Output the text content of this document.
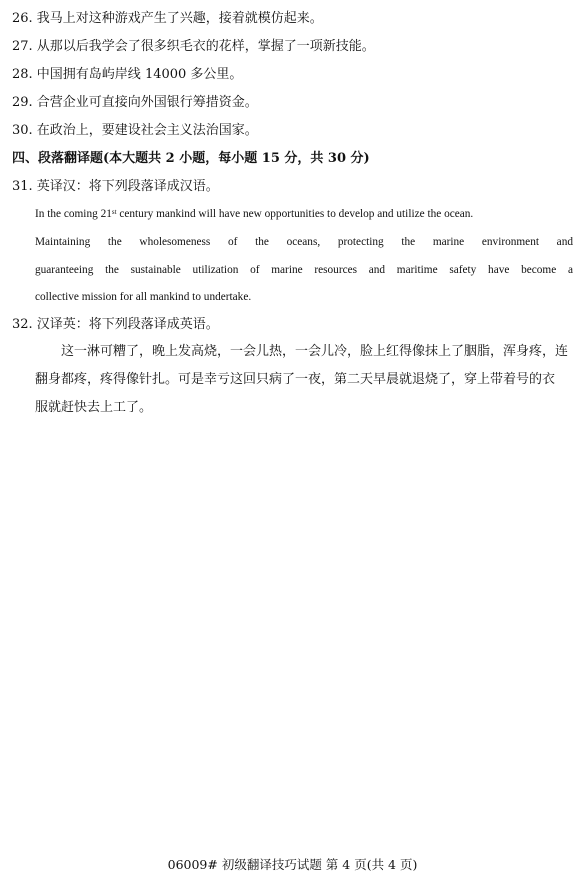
26. 我马上对这种游戏产生了兴趣，接着就模仿起来。
27. 从那以后我学会了很多织毛衣的花样，掌握了一项新技能。
28. 中国拥有岛屿岸线 14000 多公里。
29. 合营企业可直接向外国银行筹措资金。
30. 在政治上，要建设社会主义法治国家。
四、段落翻译题(本大题共 2 小题，每小题 15 分，共 30 分)
31. 英译汉：将下列段落译成汉语。
In the coming 21st century mankind will have new opportunities to develop and utilize the ocean.
Maintaining the wholesomeness of the oceans, protecting the marine environment and
guaranteeing the sustainable utilization of marine resources and maritime safety have become a
collective mission for all mankind to undertake.
32. 汉译英：将下列段落译成英语。
　　这一淋可糟了，晚上发高烧，一会儿热，一会儿冷，脸上红得像抹上了胭脂，浑身疼，连
翻身都疼，疼得像针扎。可是幸亏这回只病了一夜，第二天早晨就退烧了，穿上带着号的衣
服就赶快去上工了。
06009# 初级翻译技巧试题 第 4 页(共 4 页)
